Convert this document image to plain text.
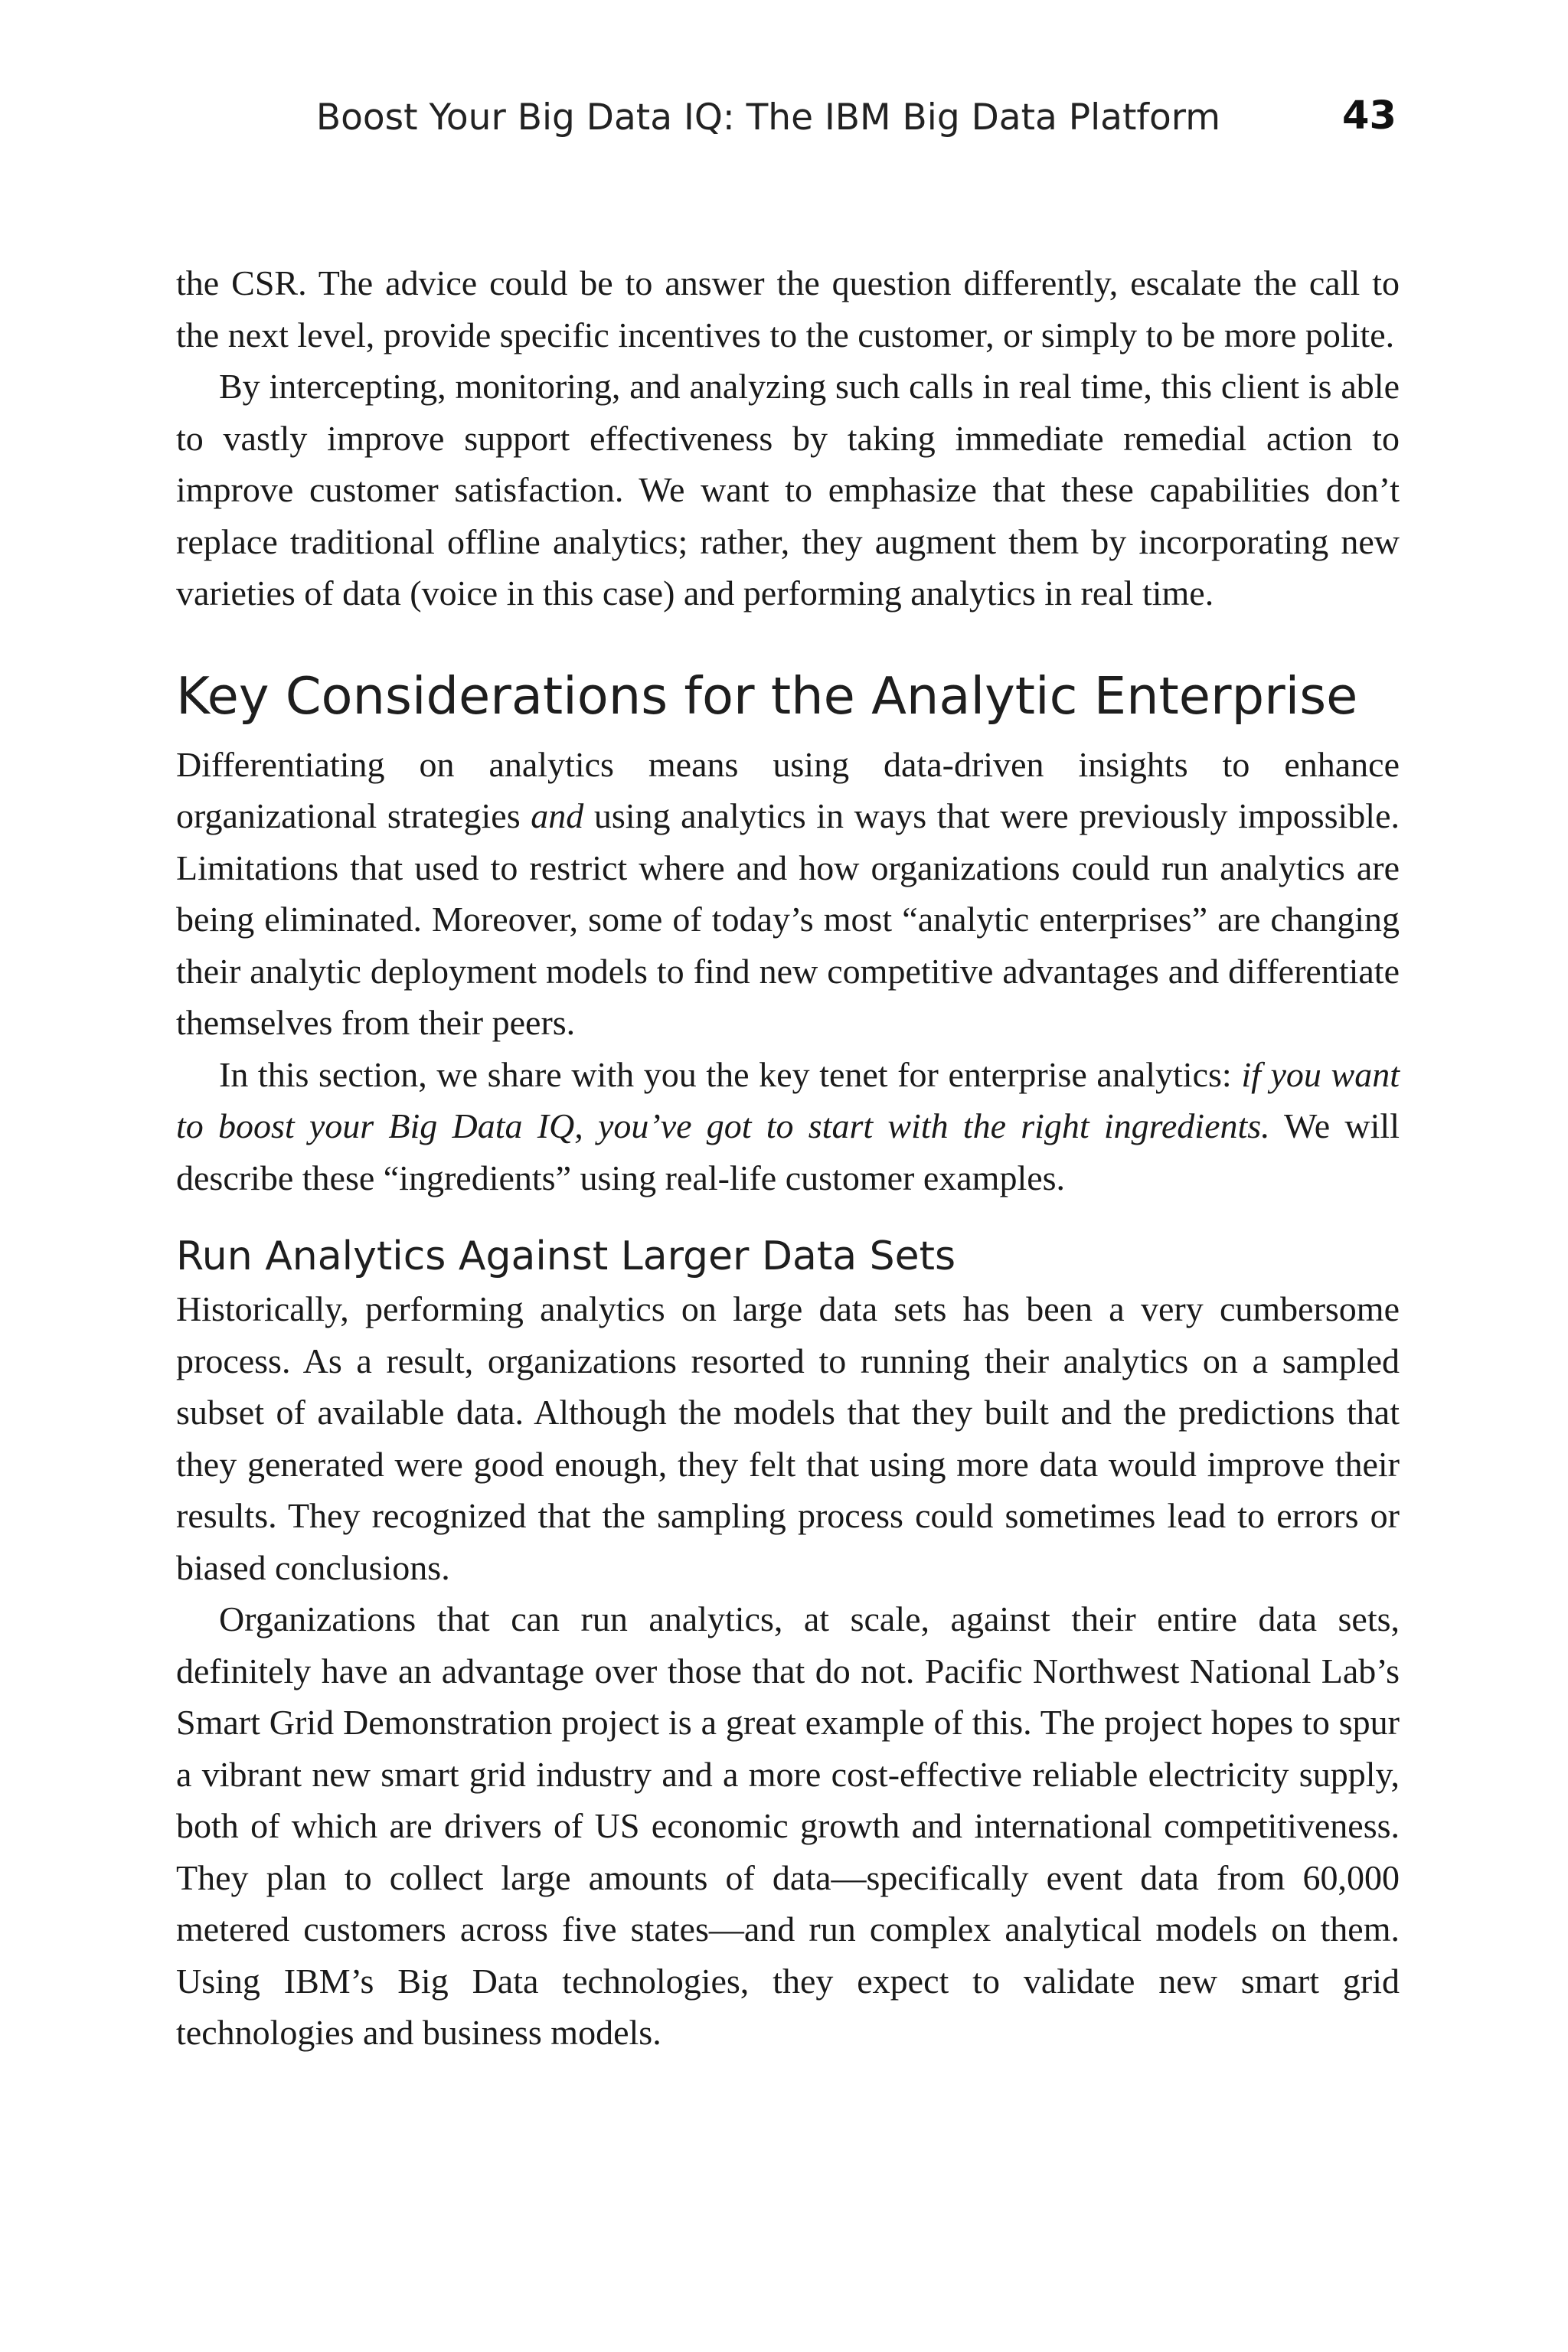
Boost Your Big Data IQ: The IBM Big Data Platform	43

the CSR. The advice could be to answer the question differently, escalate the call to the next level, provide specific incentives to the customer, or simply to be more polite.

By intercepting, monitoring, and analyzing such calls in real time, this client is able to vastly improve support effectiveness by taking immediate remedial action to improve customer satisfaction. We want to emphasize that these capabilities don’t replace traditional offline analytics; rather, they augment them by incorporating new varieties of data (voice in this case) and performing analytics in real time.

Key Considerations for the Analytic Enterprise

Differentiating on analytics means using data-driven insights to enhance organizational strategies and using analytics in ways that were previously impossible. Limitations that used to restrict where and how organizations could run analytics are being eliminated. Moreover, some of today’s most “analytic enterprises” are changing their analytic deployment models to find new competitive advantages and differentiate themselves from their peers.

In this section, we share with you the key tenet for enterprise analytics: if you want to boost your Big Data IQ, you’ve got to start with the right ingredients. We will describe these “ingredients” using real-life customer examples.

Run Analytics Against Larger Data Sets

Historically, performing analytics on large data sets has been a very cumbersome process. As a result, organizations resorted to running their analytics on a sampled subset of available data. Although the models that they built and the predictions that they generated were good enough, they felt that using more data would improve their results. They recognized that the sampling process could sometimes lead to errors or biased conclusions.

Organizations that can run analytics, at scale, against their entire data sets, definitely have an advantage over those that do not. Pacific Northwest National Lab’s Smart Grid Demonstration project is a great example of this. The project hopes to spur a vibrant new smart grid industry and a more cost-effective reliable electricity supply, both of which are drivers of US economic growth and international competitiveness. They plan to collect large amounts of data—specifically event data from 60,000 metered customers across five states—and run complex analytical models on them. Using IBM’s Big Data technologies, they expect to validate new smart grid technologies and business models.
